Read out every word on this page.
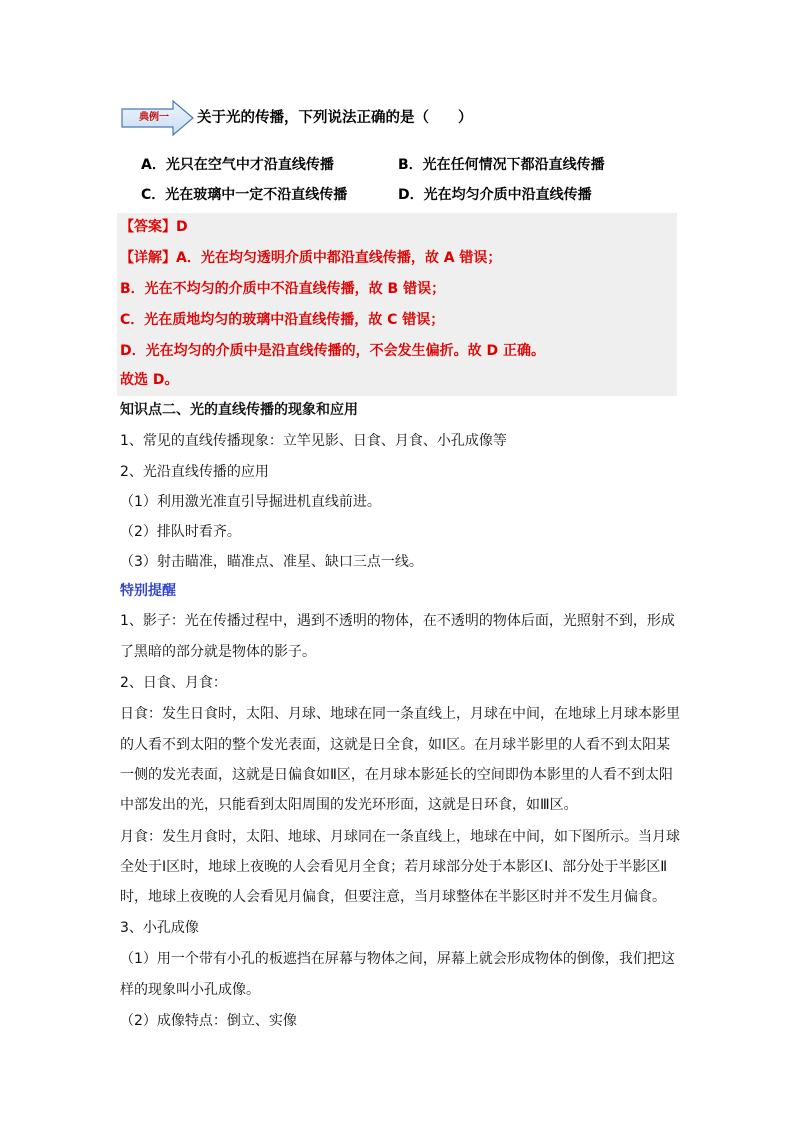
典例一	关于光的传播，下列说法正确的是（　　）
A．光只在空气中才沿直线传播	B．光在任何情况下都沿直线传播
C．光在玻璃中一定不沿直线传播	D．光在均匀介质中沿直线传播
【答案】D
【详解】A．光在均匀透明介质中都沿直线传播，故 A 错误；
B．光在不均匀的介质中不沿直线传播，故 B 错误；
C．光在质地均匀的玻璃中沿直线传播，故 C 错误；
D．光在均匀的介质中是沿直线传播的，不会发生偏折。故 D 正确。
故选 D。
知识点二、光的直线传播的现象和应用
1、常见的直线传播现象：立竿见影、日食、月食、小孔成像等
2、光沿直线传播的应用
（1）利用激光准直引导掘进机直线前进。
（2）排队时看齐。
（3）射击瞄准，瞄准点、准星、缺口三点一线。
特别提醒
1、影子：光在传播过程中，遇到不透明的物体，在不透明的物体后面，光照射不到，形成
了黑暗的部分就是物体的影子。
2、日食、月食：
日食：发生日食时，太阳、月球、地球在同一条直线上，月球在中间，在地球上月球本影里
的人看不到太阳的整个发光表面，这就是日全食，如Ⅰ区。在月球半影里的人看不到太阳某
一侧的发光表面，这就是日偏食如Ⅱ区，在月球本影延长的空间即伪本影里的人看不到太阳
中部发出的光，只能看到太阳周围的发光环形面，这就是日环食，如Ⅲ区。
月食：发生月食时，太阳、地球、月球同在一条直线上，地球在中间，如下图所示。当月球
全处于Ⅰ区时，地球上夜晚的人会看见月全食；若月球部分处于本影区Ⅰ、部分处于半影区Ⅱ
时，地球上夜晚的人会看见月偏食，但要注意，当月球整体在半影区时并不发生月偏食。
3、小孔成像
（1）用一个带有小孔的板遮挡在屏幕与物体之间，屏幕上就会形成物体的倒像，我们把这
样的现象叫小孔成像。
（2）成像特点：倒立、实像
